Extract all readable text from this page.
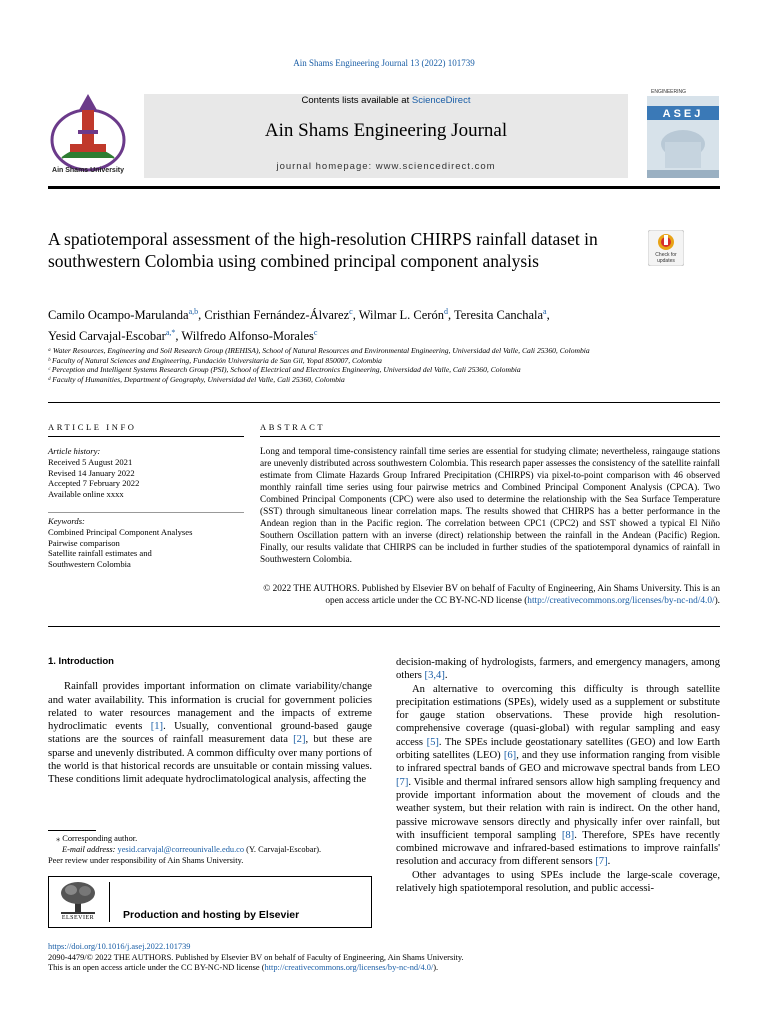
Ain Shams Engineering Journal 13 (2022) 101739
Ain Shams University
Contents lists available at ScienceDirect
Ain Shams Engineering Journal
journal homepage: www.sciencedirect.com
ENGINEERING
ASEJ
A spatiotemporal assessment of the high-resolution CHIRPS rainfall dataset in southwestern Colombia using combined principal component analysis	Check for
updates
Camilo Ocampo-Marulanda$^{a,b}$, Cristhian Fernández-Álvarez$^c$, Wilmar L. Cerón$^d$, Teresita Canchala$^a$,
Yesid Carvajal-Escobar$^{a,*}$, Wilfredo Alfonso-Morales$^c$
ᵃ Water Resources, Engineering and Soil Research Group (IREHISA), School of Natural Resources and Environmental Engineering, Universidad del Valle, Cali 25360, Colombia
ᵇ Faculty of Natural Sciences and Engineering, Fundación Universitaria de San Gil, Yopal 850007, Colombia
ᶜ Perception and Intelligent Systems Research Group (PSI), School of Electrical and Electronics Engineering, Universidad del Valle, Cali 25360, Colombia
ᵈ Faculty of Humanities, Department of Geography, Universidad del Valle, Cali 25360, Colombia
ARTICLE INFO
Article history:
Received 5 August 2021
Revised 14 January 2022
Accepted 7 February 2022
Available online xxxx
Keywords:
Combined Principal Component Analyses
Pairwise comparison
Satellite rainfall estimates and
Southwestern Colombia
ABSTRACT
Long and temporal time-consistency rainfall time series are essential for studying climate; nevertheless, raingauge stations are unevenly distributed across southwestern Colombia. This research paper assesses the consistency of the satellite rainfall estimate from Climate Hazards Group Infrared Precipitation (CHIRPS) via pixel-to-point comparison with 46 observed monthly rainfall time series using four pairwise metrics and Combined Principal Component Analysis (CPCA). Two Combined Principal Components (CPC) were also used to determine the relationship with the Sea Surface Temperature (SST) through simultaneous linear correlation maps. The results showed that CHIRPS has a better performance in the Andean region than in the Pacific region. The correlation between CPC1 (CPC2) and SST showed a typical El Niño Southern Oscillation pattern with an inverse (direct) relationship between the rainfall in the Andean (Pacific) Region. Finally, our results validate that CHIRPS can be included in further studies of the spatiotemporal dynamics of rainfall in Southwestern Colombia.
© 2022 THE AUTHORS. Published by Elsevier BV on behalf of Faculty of Engineering, Ain Shams University. This is an open access article under the CC BY-NC-ND license (http://creativecommons.org/licenses/by-nc-nd/4.0/).
1. Introduction

Rainfall provides important information on climate variability/change and water availability. This information is crucial for government policies related to water resources management and the impacts of extreme hydroclimatic events [1]. Usually, conventional ground-based gauge stations are the sources of rainfall measurement data [2], but these are sparse and unevenly distributed. A common difficulty over many portions of the world is that historical records are unsuitable or contain missing values. These conditions limit adequate hydroclimatological analysis, affecting the

decision-making of hydrologists, farmers, and emergency managers, among others [3,4].

An alternative to overcoming this difficulty is through satellite precipitation estimations (SPEs), widely used as a supplement or substitute for gauge station observations. These provide high resolution-comprehensive coverage (quasi-global) with regular sampling and easy access [5]. The SPEs include geostationary satellites (GEO) and low Earth orbiting satellites (LEO) [6], and they use information ranging from visible to infrared spectral bands of GEO and microwave spectral bands from LEO [7]. Visible and thermal infrared sensors allow high sampling frequency and provide important information about the movement of clouds and the weather system, but their relation with rain is indirect. On the other hand, passive microwave sensors directly and physically infer over rainfall, but with insufficient temporal sampling [8]. Therefore, SPEs have recently combined microwave and infrared-based estimations to improve rainfalls' resolution and accuracy from different sensors [7].

Other advantages to using SPEs include the large-scale coverage, relatively high spatiotemporal resolution, and public accessi-

⁎ Corresponding author.
E-mail address: yesid.carvajal@correounivalle.edu.co (Y. Carvajal-Escobar).
Peer review under responsibility of Ain Shams University.
ELSEVIER	Production and hosting by Elsevier
https://doi.org/10.1016/j.asej.2022.101739
2090-4479/© 2022 THE AUTHORS. Published by Elsevier BV on behalf of Faculty of Engineering, Ain Shams University.
This is an open access article under the CC BY-NC-ND license (http://creativecommons.org/licenses/by-nc-nd/4.0/).
